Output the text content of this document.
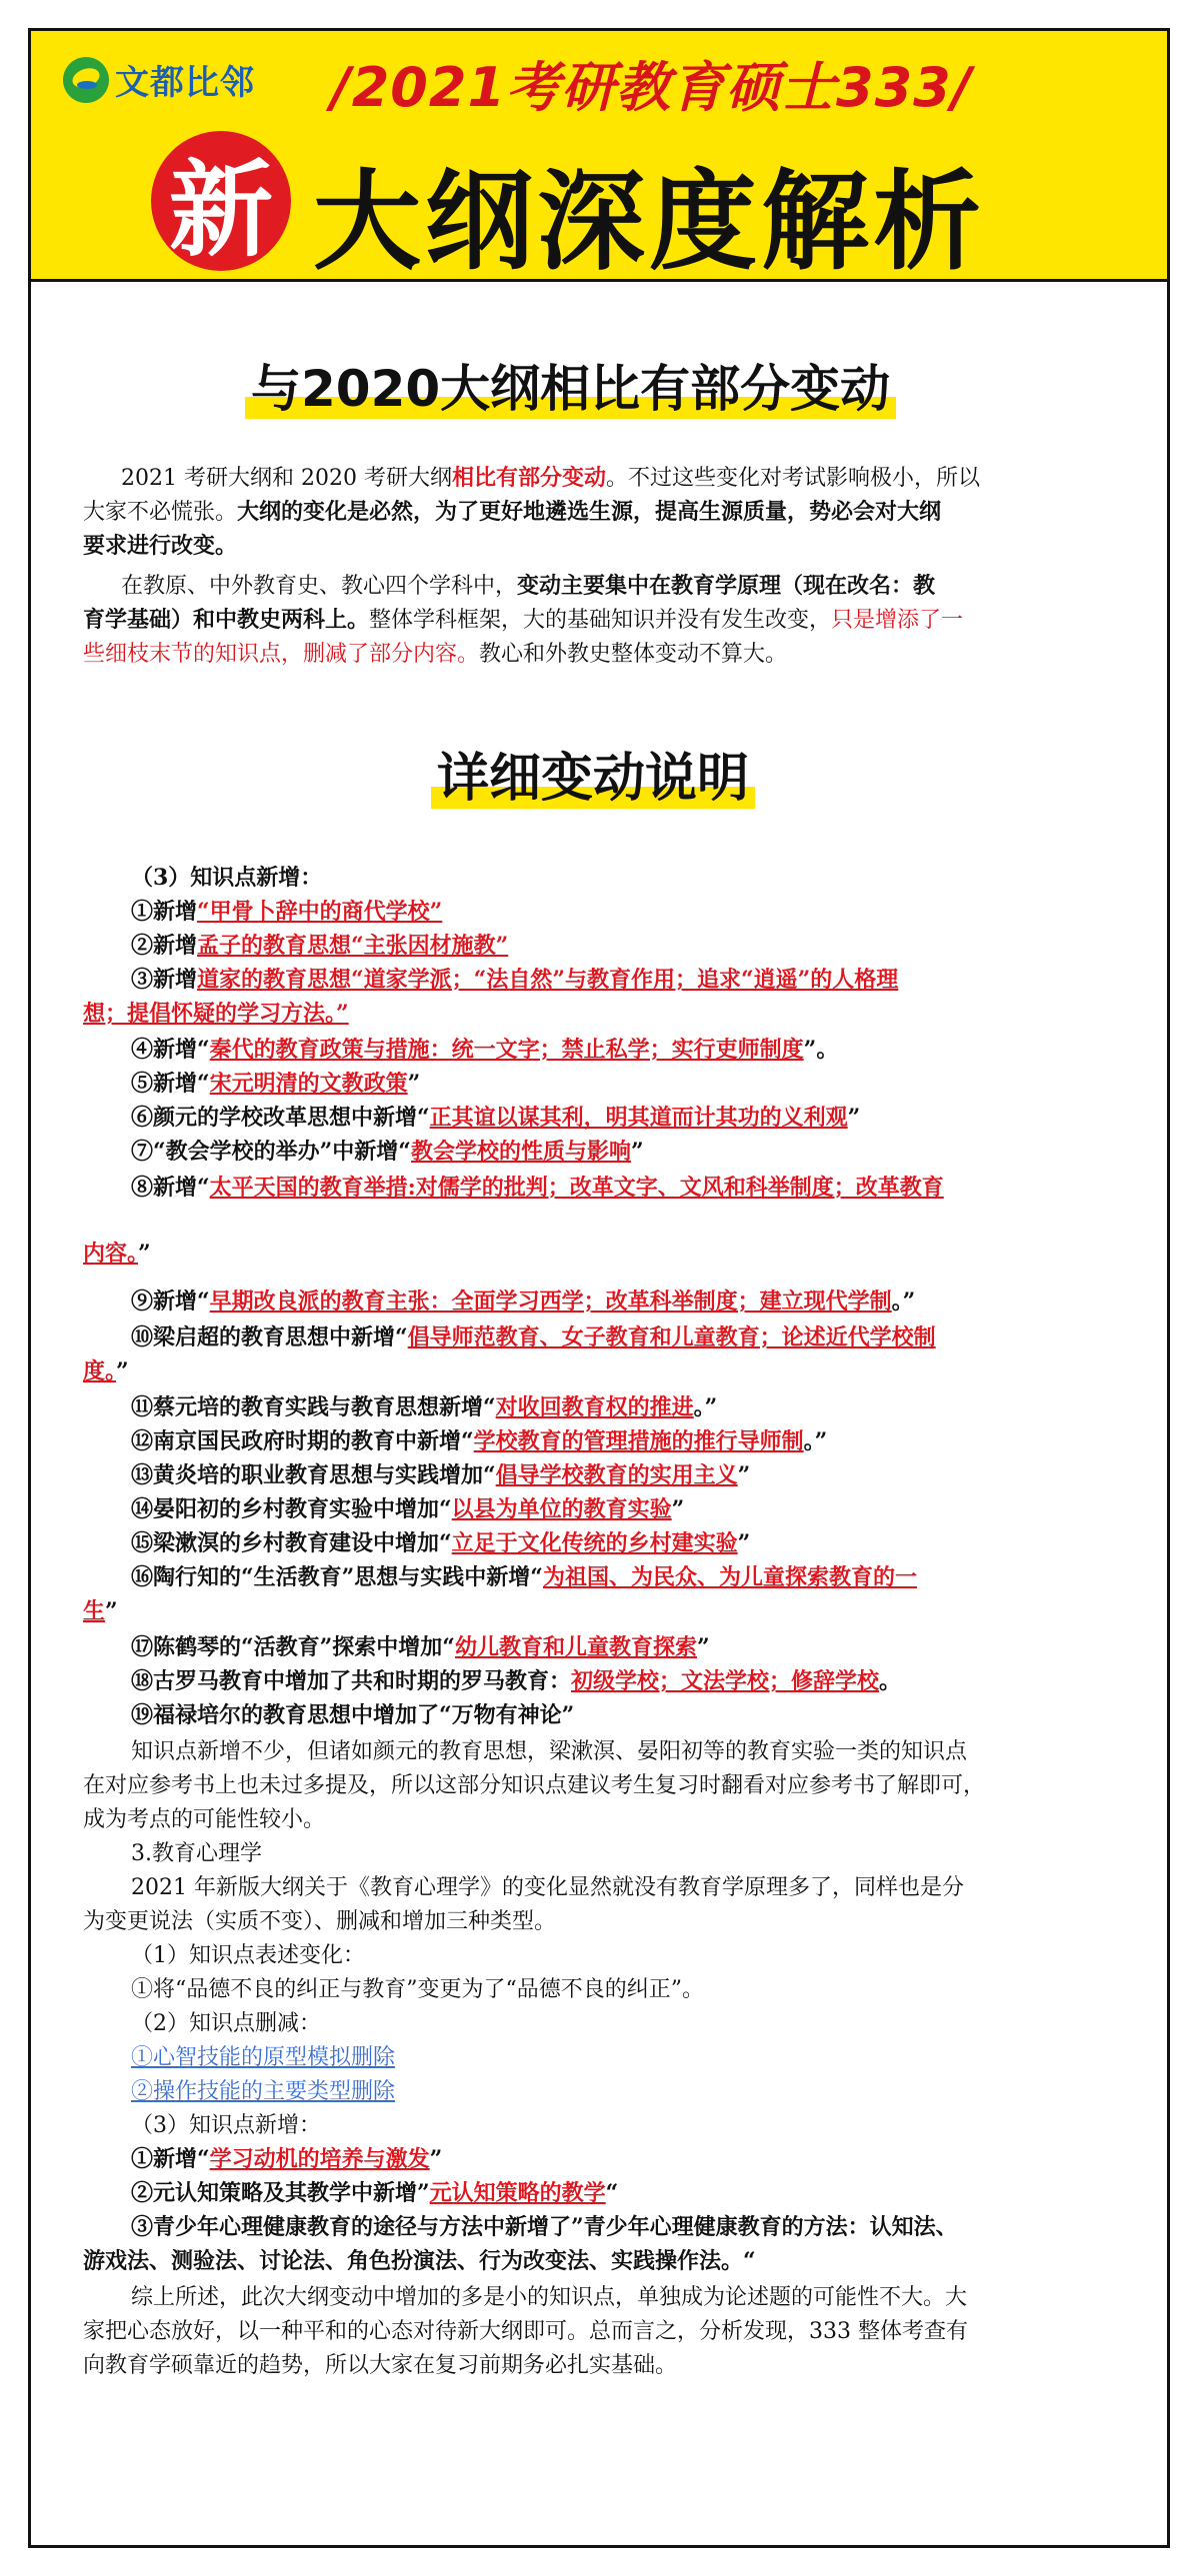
文都比邻 /2021考研教育硕士333/
新 大纲深度解析
与2020大纲相比有部分变动
详细变动说明
2021 考研大纲和 2020 考研大纲相比有部分变动。不过这些变化对考试影响极小，所以
大家不必慌张。大纲的变化是必然，为了更好地遴选生源，提高生源质量，势必会对大纲
要求进行改变。
在教原、中外教育史、教心四个学科中，变动主要集中在教育学原理（现在改名：教
育学基础）和中教史两科上。整体学科框架，大的基础知识并没有发生改变，只是增添了一
些细枝末节的知识点，删减了部分内容。教心和外教史整体变动不算大。
（3）知识点新增：
①新增“甲骨卜辞中的商代学校”
②新增孟子的教育思想“主张因材施教”
③新增道家的教育思想“道家学派；“法自然”与教育作用；追求“逍遥”的人格理
想；提倡怀疑的学习方法。”
④新增“秦代的教育政策与措施：统一文字；禁止私学；实行吏师制度”。
⑤新增“宋元明清的文教政策”
⑥颜元的学校改革思想中新增“正其谊以谋其利，明其道而计其功的义利观”
⑦“教会学校的举办”中新增“教会学校的性质与影响”
⑧新增“太平天国的教育举措:对儒学的批判；改革文字、文风和科举制度；改革教育
内容。”
⑨新增“早期改良派的教育主张：全面学习西学；改革科举制度；建立现代学制。”
⑩梁启超的教育思想中新增“倡导师范教育、女子教育和儿童教育；论述近代学校制
度。”
⑪蔡元培的教育实践与教育思想新增“对收回教育权的推进。”
⑫南京国民政府时期的教育中新增“学校教育的管理措施的推行导师制。”
⑬黄炎培的职业教育思想与实践增加“倡导学校教育的实用主义”
⑭晏阳初的乡村教育实验中增加“以县为单位的教育实验”
⑮梁漱溟的乡村教育建设中增加“立足于文化传统的乡村建实验”
⑯陶行知的“生活教育”思想与实践中新增“为祖国、为民众、为儿童探索教育的一
生”
⑰陈鹤琴的“活教育”探索中增加“幼儿教育和儿童教育探索”
⑱古罗马教育中增加了共和时期的罗马教育：初级学校；文法学校；修辞学校。
⑲福禄培尔的教育思想中增加了“万物有神论”
知识点新增不少，但诸如颜元的教育思想，梁漱溟、晏阳初等的教育实验一类的知识点
在对应参考书上也未过多提及，所以这部分知识点建议考生复习时翻看对应参考书了解即可，
成为考点的可能性较小。
3.教育心理学
2021 年新版大纲关于《教育心理学》的变化显然就没有教育学原理多了，同样也是分
为变更说法（实质不变）、删减和增加三种类型。
（1）知识点表述变化：
①将“品德不良的纠正与教育”变更为了“品德不良的纠正”。
（2）知识点删减：
①心智技能的原型模拟删除
②操作技能的主要类型删除
（3）知识点新增：
①新增“学习动机的培养与激发”
②元认知策略及其教学中新增”元认知策略的教学“
③青少年心理健康教育的途径与方法中新增了”青少年心理健康教育的方法：认知法、
游戏法、测验法、讨论法、角色扮演法、行为改变法、实践操作法。“
综上所述，此次大纲变动中增加的多是小的知识点，单独成为论述题的可能性不大。大
家把心态放好，以一种平和的心态对待新大纲即可。总而言之，分析发现，333 整体考查有
向教育学硕靠近的趋势，所以大家在复习前期务必扎实基础。
